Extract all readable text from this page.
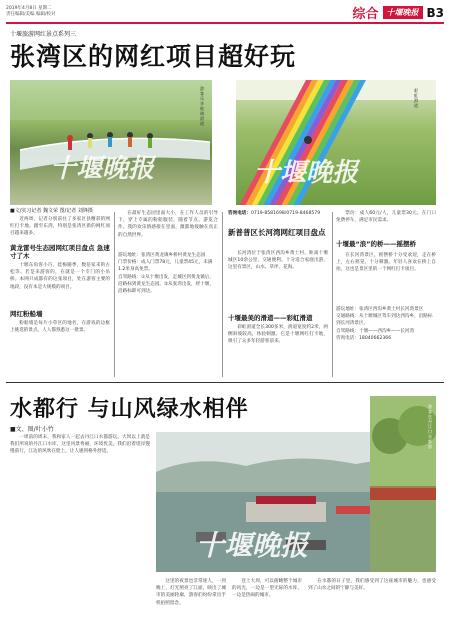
2019年4月8日 星期二
责任编辑/美编 编辑/校对	综合	十堰晚报 B3
十堰旅游网红景点系列三
张湾区的网红项目超好玩
十堰晚报
游客乐享玻璃滑道
十堰晚报
彩虹滑道
■文/实习记者 魏文荣 图/记者 刘锋摄

近两周，记者分别前往了多家区县精彩的网红打卡地。踏至东湾，特别是张湾区新的网红项目越来越多。

黄龙雷号生态园网红项目盘点 急速寸了木

十堰东角客小巧，娃梅随季，数倍家来的古松等。若是来游客的，在就是一个专门的小吊桥。本网只成都有的这张项目，处在游客主要的地段，没有本是大规模的项目。

网红粉船墙

粉船墙是每片小草区的地名，在游戏的边框上挑选的景点。人人都熟悉这一批景。

在最好生态园里面大小，在工作人员的引导下，穿上专属的粉船服装，随着节点，游览合作。我的欢乐情感接在里面，激都地接触在真正的自然世界。

游玩地址：张湾区黄龙镇乡桥村黄龙生态园
门票价格：成人门票78元，儿童票45元，未满1.2米身高免票。
自驾路线：①从十堰出发，走城区到黄龙镇后，沿路标到黄龙生态园。②从张湾出发，经十堰，沿路标即可到达。
咨询电话：0719-8581698/0719-8468579
新普普区长河湾网红项目盘点

长河湾位于张湾区西沟乡黄土村，距离十堰城区10余公里，交通便利。十分适合家庭出游，这里有景区，山水、草坪、花海。

十堰最美的滑道——彩虹滑道

彩虹滑道全长300多米，滑道宽度约2米，两侧斜坡较高，体验刺激。它是十堰网红打卡地，吸引了众多年轻游客前来。

票价：成人60元/人，儿童票30元。在门口免费停车，满足市民需求。

十堰最“浪”的桥——摇摆桥

在长河湾景区，摇摆桥十分受欢迎，走在桥上，左右摇晃，十分刺激。年轻人喜欢在桥上自拍，这也是景区里的一个网红打卡项目。

游玩地址：张湾区西沟乡黄土村长河湾景区
交通路线：从十堰城区驾车到达西沟乡，沿路标到长河湾景区。
自驾路线：十堰——西沟乡——长河湾
咨询电话：18040662366
水都行 与山风绿水相伴
■文、图/叶小竹
十堰晚报
游客在丹江口水都游

一周前的周末，我和家人一起去丹江口水都游玩。大坝以上就是我们所说的丹江口水库，这里风景秀丽，环境优美。我们沿着堤岸慢慢前行，江边的风吹在脸上，让人感到格外舒适。

这里的夜景也非常迷人，一到晚上，灯光照亮了江面，映出了城市的美丽轮廓，游客们纷纷拿出手机拍照留念。

登上大坝，可以俯瞰整个城市的风光，一边是一望无际的水库，一边是热闹的城市。

在水都的日子里，我们感受到了这座城市的魅力，也感受到了山水之间的宁静与美好。
